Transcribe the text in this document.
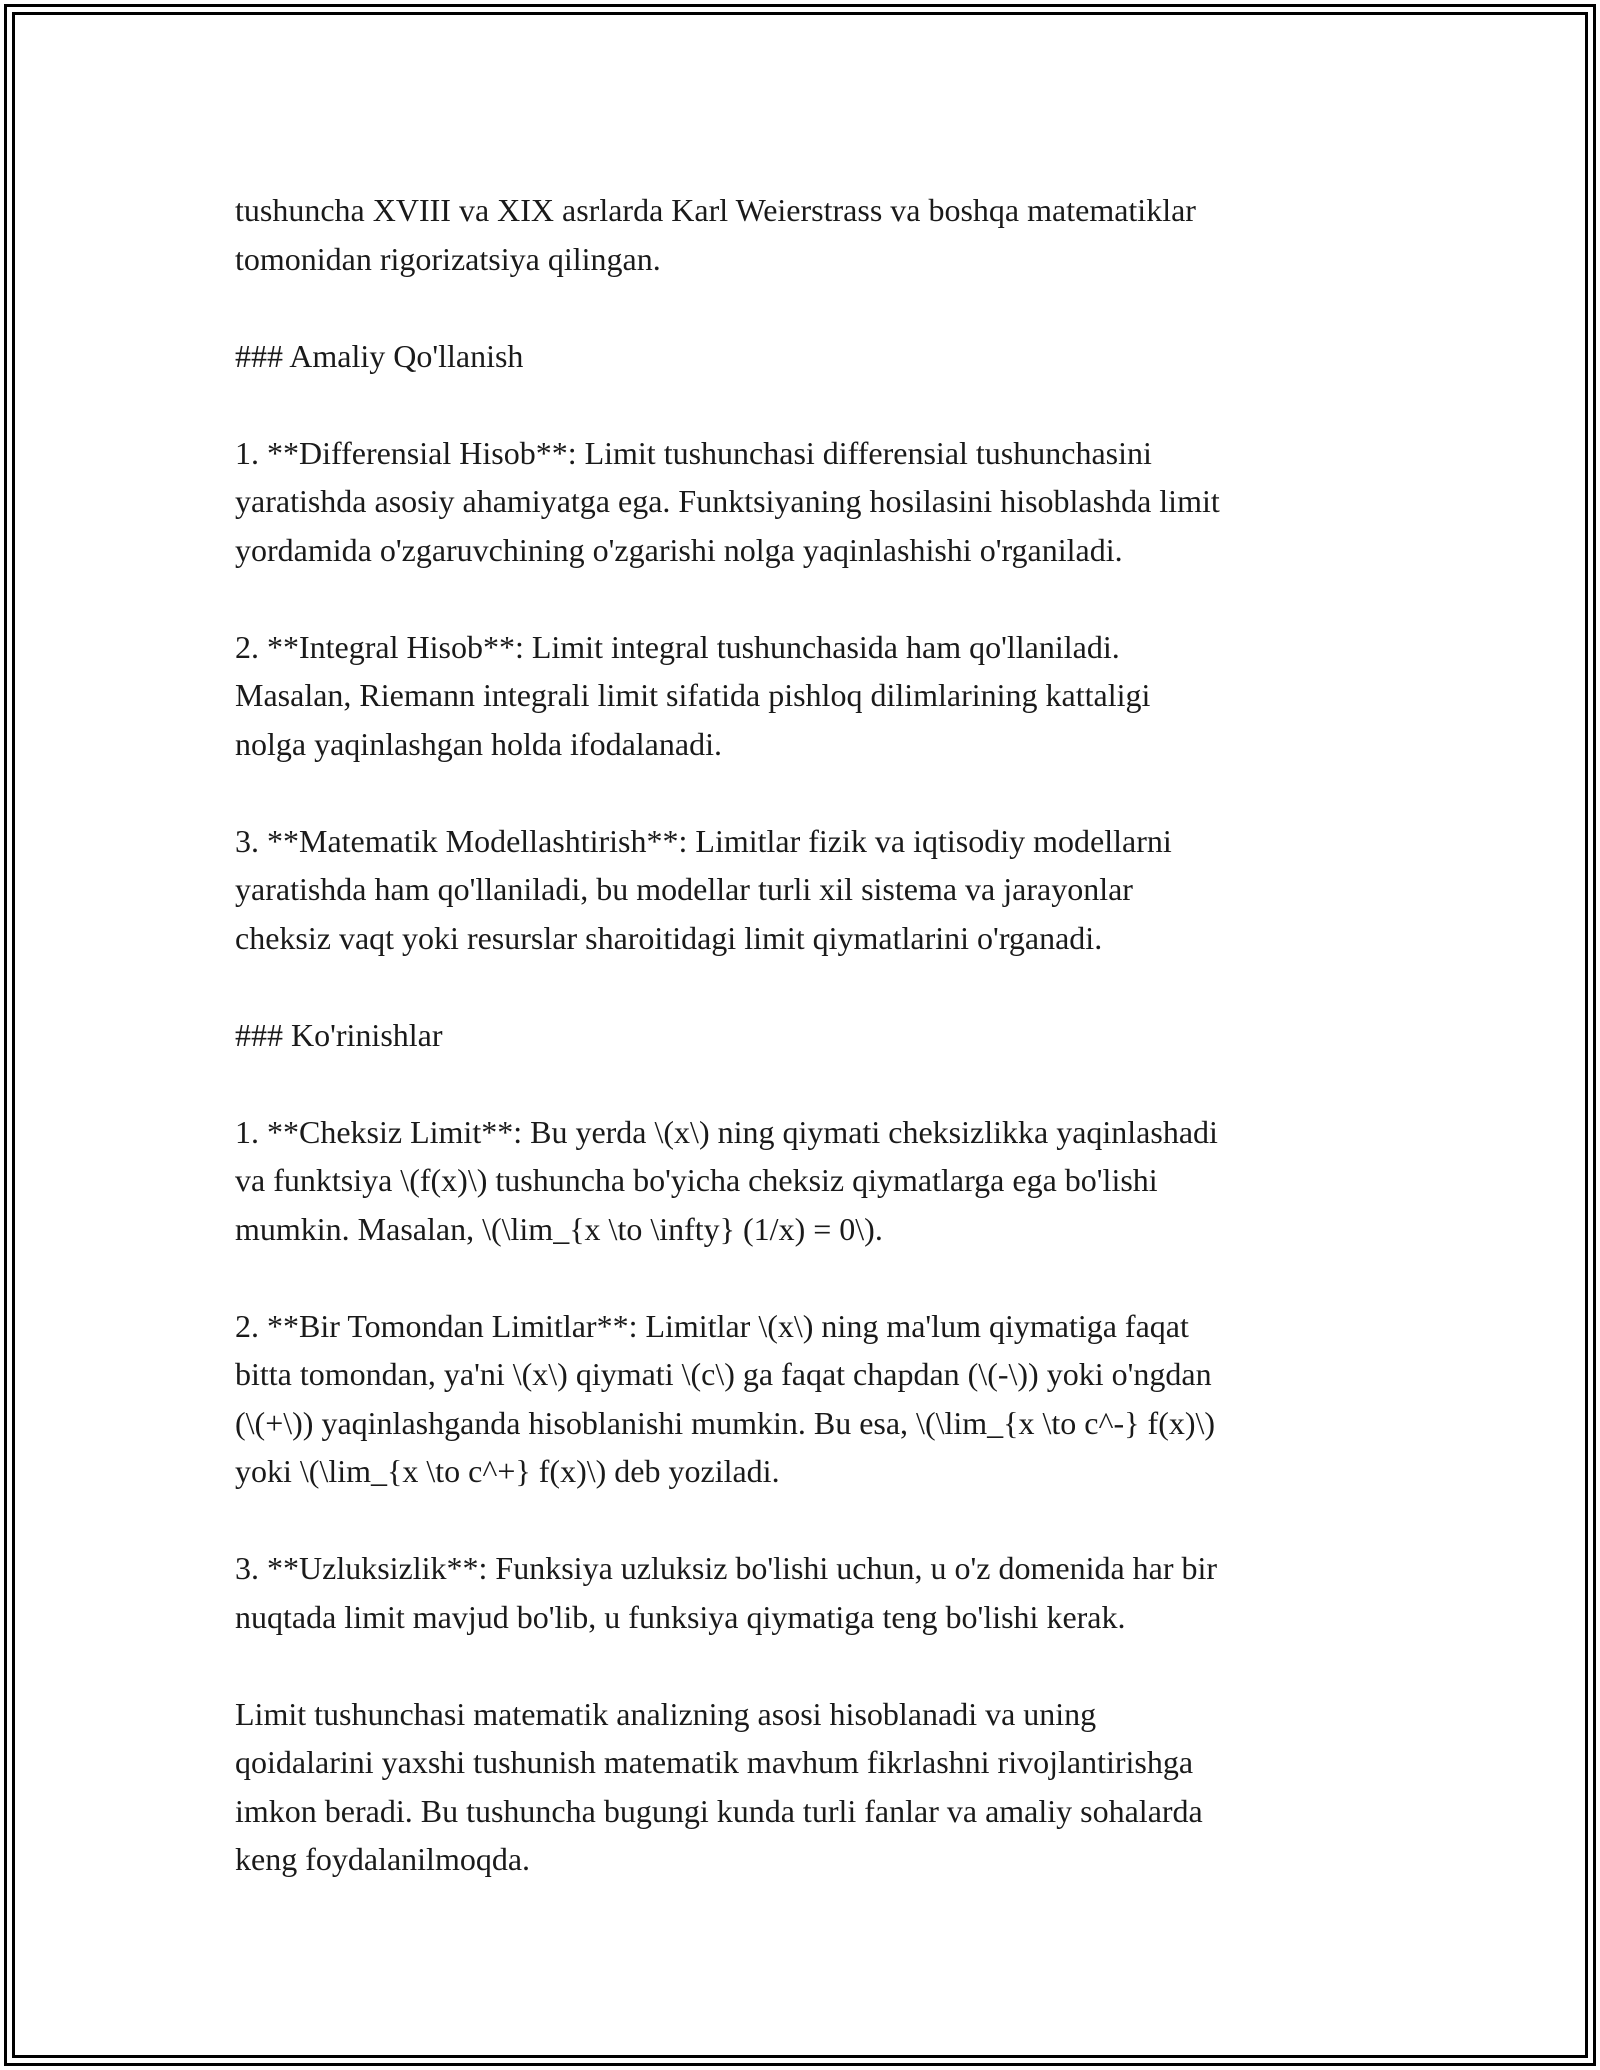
tushuncha XVIII va XIX asrlarda Karl Weierstrass va boshqa matematiklar
tomonidan rigorizatsiya qilingan.

### Amaliy Qo'llanish

1. **Differensial Hisob**: Limit tushunchasi differensial tushunchasini
yaratishda asosiy ahamiyatga ega. Funktsiyaning hosilasini hisoblashda limit
yordamida o'zgaruvchining o'zgarishi nolga yaqinlashishi o'rganiladi.

2. **Integral Hisob**: Limit integral tushunchasida ham qo'llaniladi.
Masalan, Riemann integrali limit sifatida pishloq dilimlarining kattaligi
nolga yaqinlashgan holda ifodalanadi.

3. **Matematik Modellashtirish**: Limitlar fizik va iqtisodiy modellarni
yaratishda ham qo'llaniladi, bu modellar turli xil sistema va jarayonlar
cheksiz vaqt yoki resurslar sharoitidagi limit qiymatlarini o'rganadi.

### Ko'rinishlar

1. **Cheksiz Limit**: Bu yerda \(x\) ning qiymati cheksizlikka yaqinlashadi
va funktsiya \(f(x)\) tushuncha bo'yicha cheksiz qiymatlarga ega bo'lishi
mumkin. Masalan, \(\lim_{x \to \infty} (1/x) = 0\).

2. **Bir Tomondan Limitlar**: Limitlar \(x\) ning ma'lum qiymatiga faqat
bitta tomondan, ya'ni \(x\) qiymati \(c\) ga faqat chapdan (\(-\)) yoki o'ngdan
(\(+\)) yaqinlashganda hisoblanishi mumkin. Bu esa, \(\lim_{x \to c^-} f(x)\)
yoki \(\lim_{x \to c^+} f(x)\) deb yoziladi.

3. **Uzluksizlik**: Funksiya uzluksiz bo'lishi uchun, u o'z domenida har bir
nuqtada limit mavjud bo'lib, u funksiya qiymatiga teng bo'lishi kerak.

Limit tushunchasi matematik analizning asosi hisoblanadi va uning
qoidalarini yaxshi tushunish matematik mavhum fikrlashni rivojlantirishga
imkon beradi. Bu tushuncha bugungi kunda turli fanlar va amaliy sohalarda
keng foydalanilmoqda.
